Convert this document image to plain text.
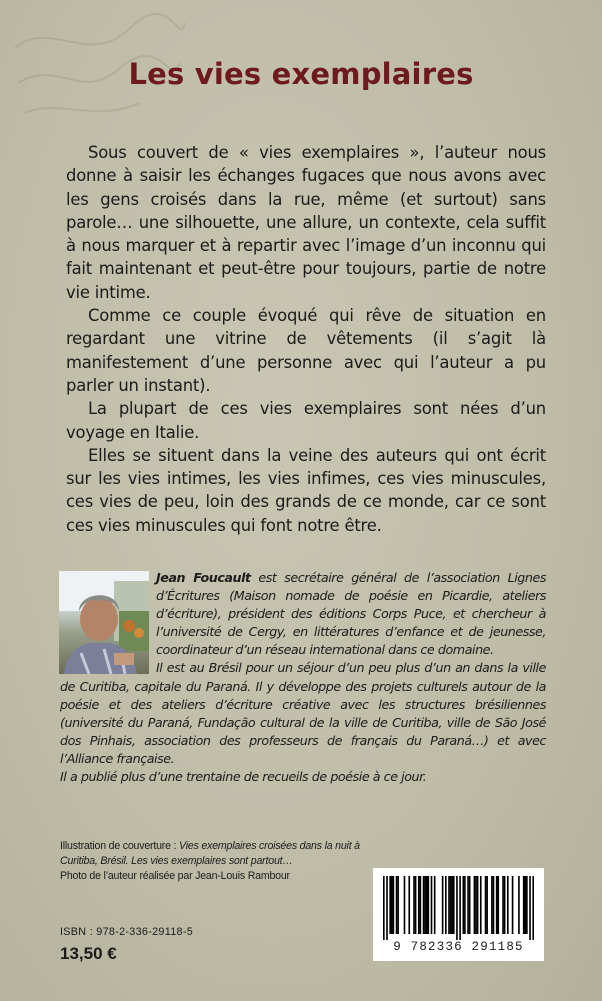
Les vies exemplaires

Sous couvert de « vies exemplaires », l’auteur nous donne à saisir les échanges fugaces que nous avons avec les gens croisés dans la rue, même (et surtout) sans parole… une silhouette, une allure, un contexte, cela suffit à nous marquer et à repartir avec l’image d’un inconnu qui fait maintenant et peut-être pour toujours, partie de notre vie intime.

Comme ce couple évoqué qui rêve de situation en regardant une vitrine de vêtements (il s’agit là manifestement d’une personne avec qui l’auteur a pu parler un instant).

La plupart de ces vies exemplaires sont nées d’un voyage en Italie.

Elles se situent dans la veine des auteurs qui ont écrit sur les vies intimes, les vies infimes, ces vies minuscules, ces vies de peu, loin des grands de ce monde, car ce sont ces vies minuscules qui font notre être.

Jean Foucault est secrétaire général de l’association Lignes d’Écritures (Maison nomade de poésie en Picardie, ateliers d’écriture), président des éditions Corps Puce, et chercheur à l’université de Cergy, en littératures d’enfance et de jeunesse, coordinateur d’un réseau international dans ce domaine.

Il est au Brésil pour un séjour d’un peu plus d’un an dans la ville de Curitiba, capitale du Paraná. Il y développe des projets culturels autour de la poésie et des ateliers d’écriture créative avec les structures brésiliennes (université du Paraná, Fundação cultural de la ville de Curitiba, ville de São José dos Pinhais, association des professeurs de français du Paraná…) et avec l’Alliance française.

Il a publié plus d’une trentaine de recueils de poésie à ce jour.

Illustration de couverture : Vies exemplaires croisées dans la nuit à Curitiba, Brésil. Les vies exemplaires sont partout…

Photo de l’auteur réalisée par Jean-Louis Rambour

ISBN : 978-2-336-29118-5
13,50 €	9 782336 291185
